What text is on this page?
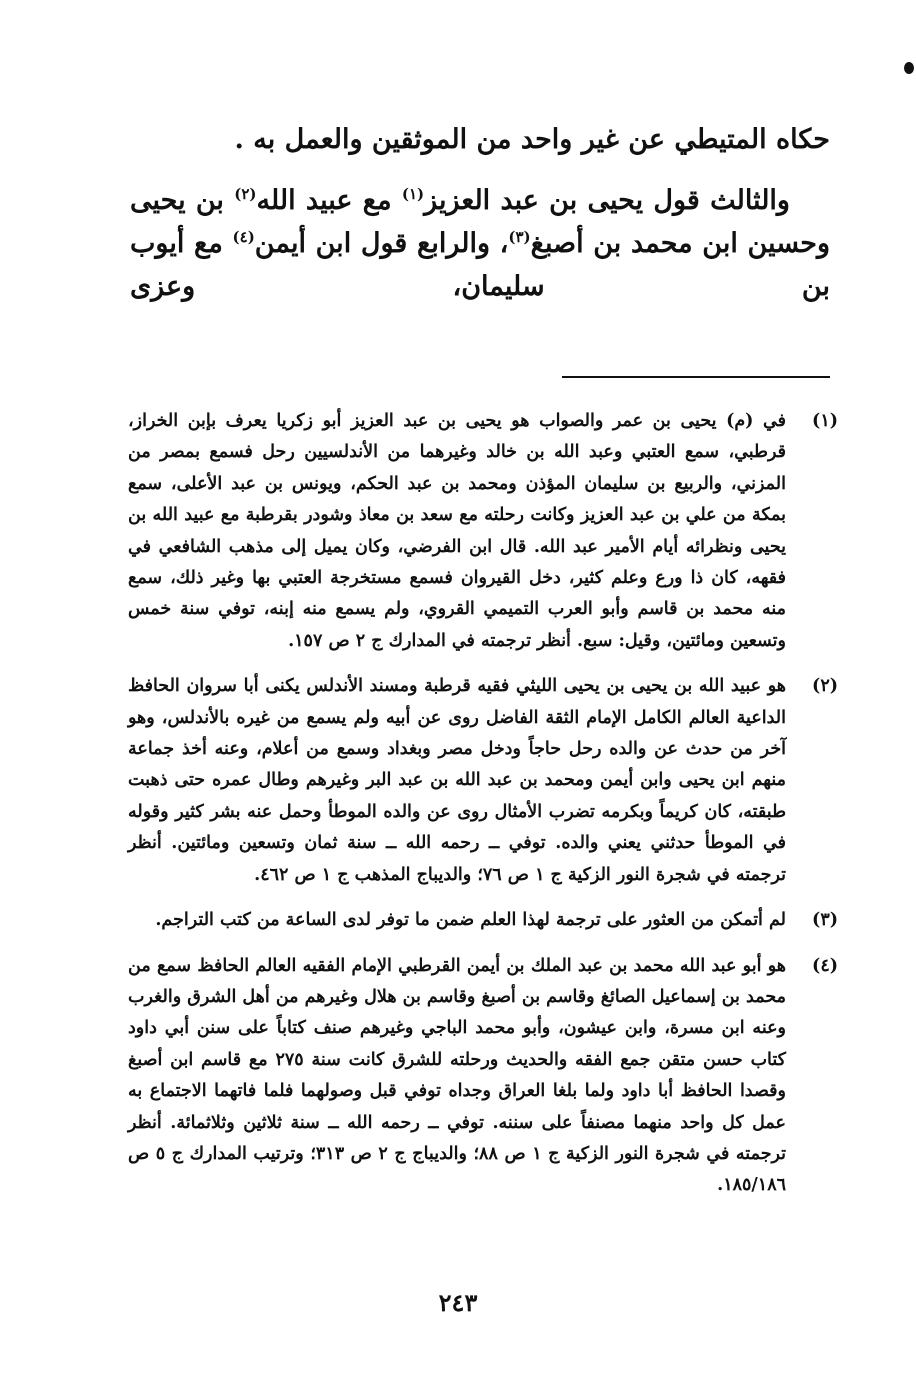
حكاه المتيطي عن غير واحد من الموثقين والعمل به .

والثالث قول يحيى بن عبد العزيز$^{(١)}$ مع عبيد الله$^{(٢)}$ بن يحيى وحسين ابن محمد بن أصبغ$^{(٣)}$، والرابع قول ابن أيمن$^{(٤)}$ مع أيوب بن سليمان، وعزى

(١)
في (م) يحيى بن عمر والصواب هو يحيى بن عبد العزيز أبو زكريا يعرف بإبن الخراز، قرطبي، سمع العتبي وعبد الله بن خالد وغيرهما من الأندلسيين رحل فسمع بمصر من المزني، والربيع بن سليمان المؤذن ومحمد بن عبد الحكم، ويونس بن عبد الأعلى، سمع بمكة من علي بن عبد العزيز وكانت رحلته مع سعد بن معاذ وشودر بقرطبة مع عبيد الله بن يحيى ونظرائه أيام الأمير عبد الله. قال ابن الفرضي، وكان يميل إلى مذهب الشافعي في فقهه، كان ذا ورع وعلم كثير، دخل القيروان فسمع مستخرجة العتبي بها وغير ذلك، سمع منه محمد بن قاسم وأبو العرب التميمي القروي، ولم يسمع منه إبنه، توفي سنة خمس وتسعين ومائتين، وقيل: سبع. أنظر ترجمته في المدارك ج ٢ ص ١٥٧.
(٢)
هو عبيد الله بن يحيى بن يحيى الليثي فقيه قرطبة ومسند الأندلس يكنى أبا سروان الحافظ الداعية العالم الكامل الإمام الثقة الفاضل روى عن أبيه ولم يسمع من غيره بالأندلس، وهو آخر من حدث عن والده رحل حاجاً ودخل مصر وبغداد وسمع من أعلام، وعنه أخذ جماعة منهم ابن يحيى وابن أيمن ومحمد بن عبد الله بن عبد البر وغيرهم وطال عمره حتى ذهبت طبقته، كان كريماً وبكرمه تضرب الأمثال روى عن والده الموطأ وحمل عنه بشر كثير وقوله في الموطأ حدثني يعني والده. توفي ــ رحمه الله ــ سنة ثمان وتسعين ومائتين. أنظر ترجمته في شجرة النور الزكية ج ١ ص ٧٦؛ والديباج المذهب ج ١ ص ٤٦٢.
(٣)
لم أتمكن من العثور على ترجمة لهذا العلم ضمن ما توفر لدى الساعة من كتب التراجم.
(٤)
هو أبو عبد الله محمد بن عبد الملك بن أيمن القرطبي الإمام الفقيه العالم الحافظ سمع من محمد بن إسماعيل الصائغ وقاسم بن أصبغ وقاسم بن هلال وغيرهم من أهل الشرق والغرب وعنه ابن مسرة، وابن عيشون، وأبو محمد الباجي وغيرهم صنف كتاباً على سنن أبي داود كتاب حسن متقن جمع الفقه والحديث ورحلته للشرق كانت سنة ٢٧٥ مع قاسم ابن أصبغ وقصدا الحافظ أبا داود ولما بلغا العراق وجداه توفي قبل وصولهما فلما فاتهما الاجتماع به عمل كل واحد منهما مصنفاً على سننه. توفي ــ رحمه الله ــ سنة ثلاثين وثلاثمائة. أنظر ترجمته في شجرة النور الزكية ج ١ ص ٨٨؛ والديباج ج ٢ ص ٣١٣؛ وترتيب المدارك ج ٥ ص ١٨٥/١٨٦.
٢٤٣
